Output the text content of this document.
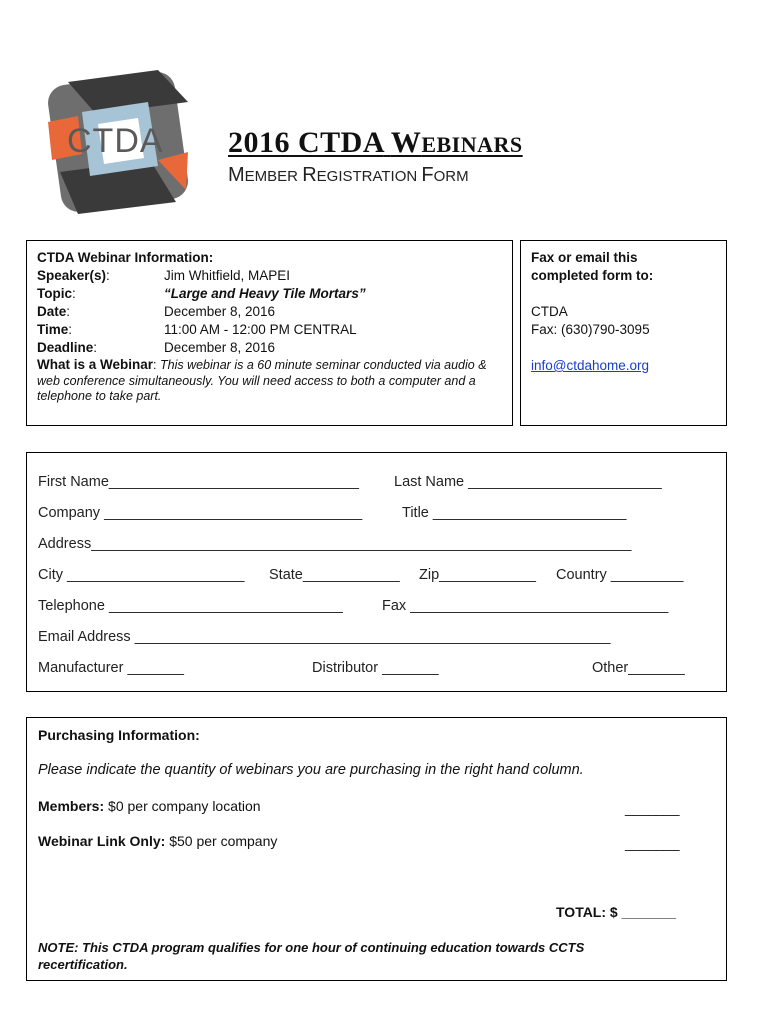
CTDA 2016 CTDA WEBINARS
MEMBER REGISTRATION FORM
CTDA Webinar Information:
Speaker(s):	Jim Whitfield, MAPEI
Topic:	“Large and Heavy Tile Mortars”
Date:	December 8, 2016
Time:	11:00 AM - 12:00 PM CENTRAL
Deadline:	December 8, 2016
What is a Webinar: This webinar is a 60 minute seminar conducted via audio & web conference simultaneously. You will need access to both a computer and a telephone to take part.
Fax or email this
completed form to:
CTDA
Fax: (630)790-3095
info@ctdahome.org
First Name_______________________________ Last Name ________________________
Company ________________________________	Title ________________________
Address___________________________________________________________________
City ______________________ State____________ Zip____________ Country _________
Telephone _____________________________	Fax ________________________________
Email Address ___________________________________________________________
Manufacturer _______	Distributor _______	Other_______
Purchasing Information:
Please indicate the quantity of webinars you are purchasing in the right hand column.
Members: $0 per company location	_______
Webinar Link Only: $50 per company	_______
TOTAL: $ _______
NOTE: This CTDA program qualifies for one hour of continuing education towards CCTS
recertification.
